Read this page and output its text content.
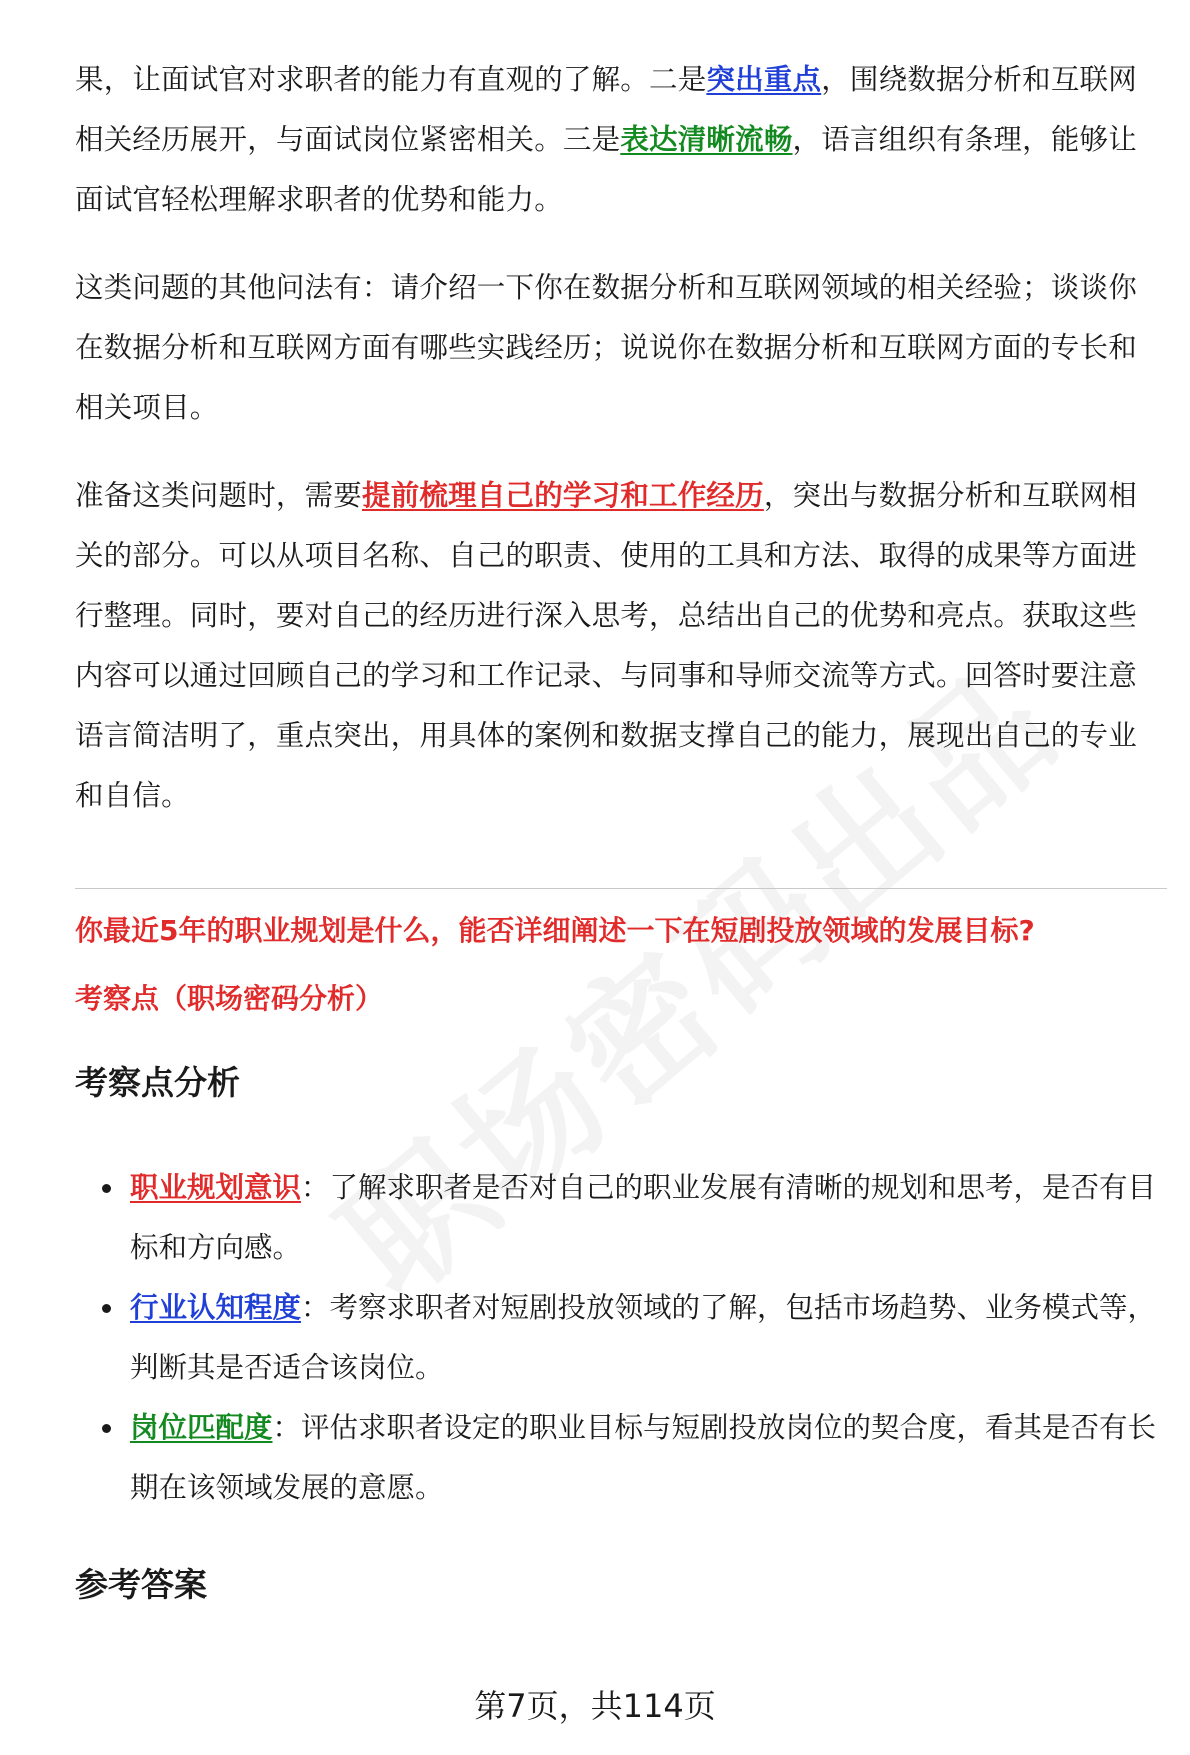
果，让面试官对求职者的能力有直观的了解。二是突出重点，围绕数据分析和互联网相关经历展开，与面试岗位紧密相关。三是表达清晰流畅，语言组织有条理，能够让面试官轻松理解求职者的优势和能力。

这类问题的其他问法有：请介绍一下你在数据分析和互联网领域的相关经验；谈谈你在数据分析和互联网方面有哪些实践经历；说说你在数据分析和互联网方面的专长和相关项目。

准备这类问题时，需要提前梳理自己的学习和工作经历，突出与数据分析和互联网相关的部分。可以从项目名称、自己的职责、使用的工具和方法、取得的成果等方面进行整理。同时，要对自己的经历进行深入思考，总结出自己的优势和亮点。获取这些内容可以通过回顾自己的学习和工作记录、与同事和导师交流等方式。回答时要注意语言简洁明了，重点突出，用具体的案例和数据支撑自己的能力，展现出自己的专业和自信。

你最近5年的职业规划是什么，能否详细阐述一下在短剧投放领域的发展目标?

考察点（职场密码分析）

考察点分析
职业规划意识：了解求职者是否对自己的职业发展有清晰的规划和思考，是否有目标和方向感。
行业认知程度：考察求职者对短剧投放领域的了解，包括市场趋势、业务模式等，判断其是否适合该岗位。
岗位匹配度：评估求职者设定的职业目标与短剧投放岗位的契合度，看其是否有长期在该领域发展的意愿。
参考答案
第7页，共114页
